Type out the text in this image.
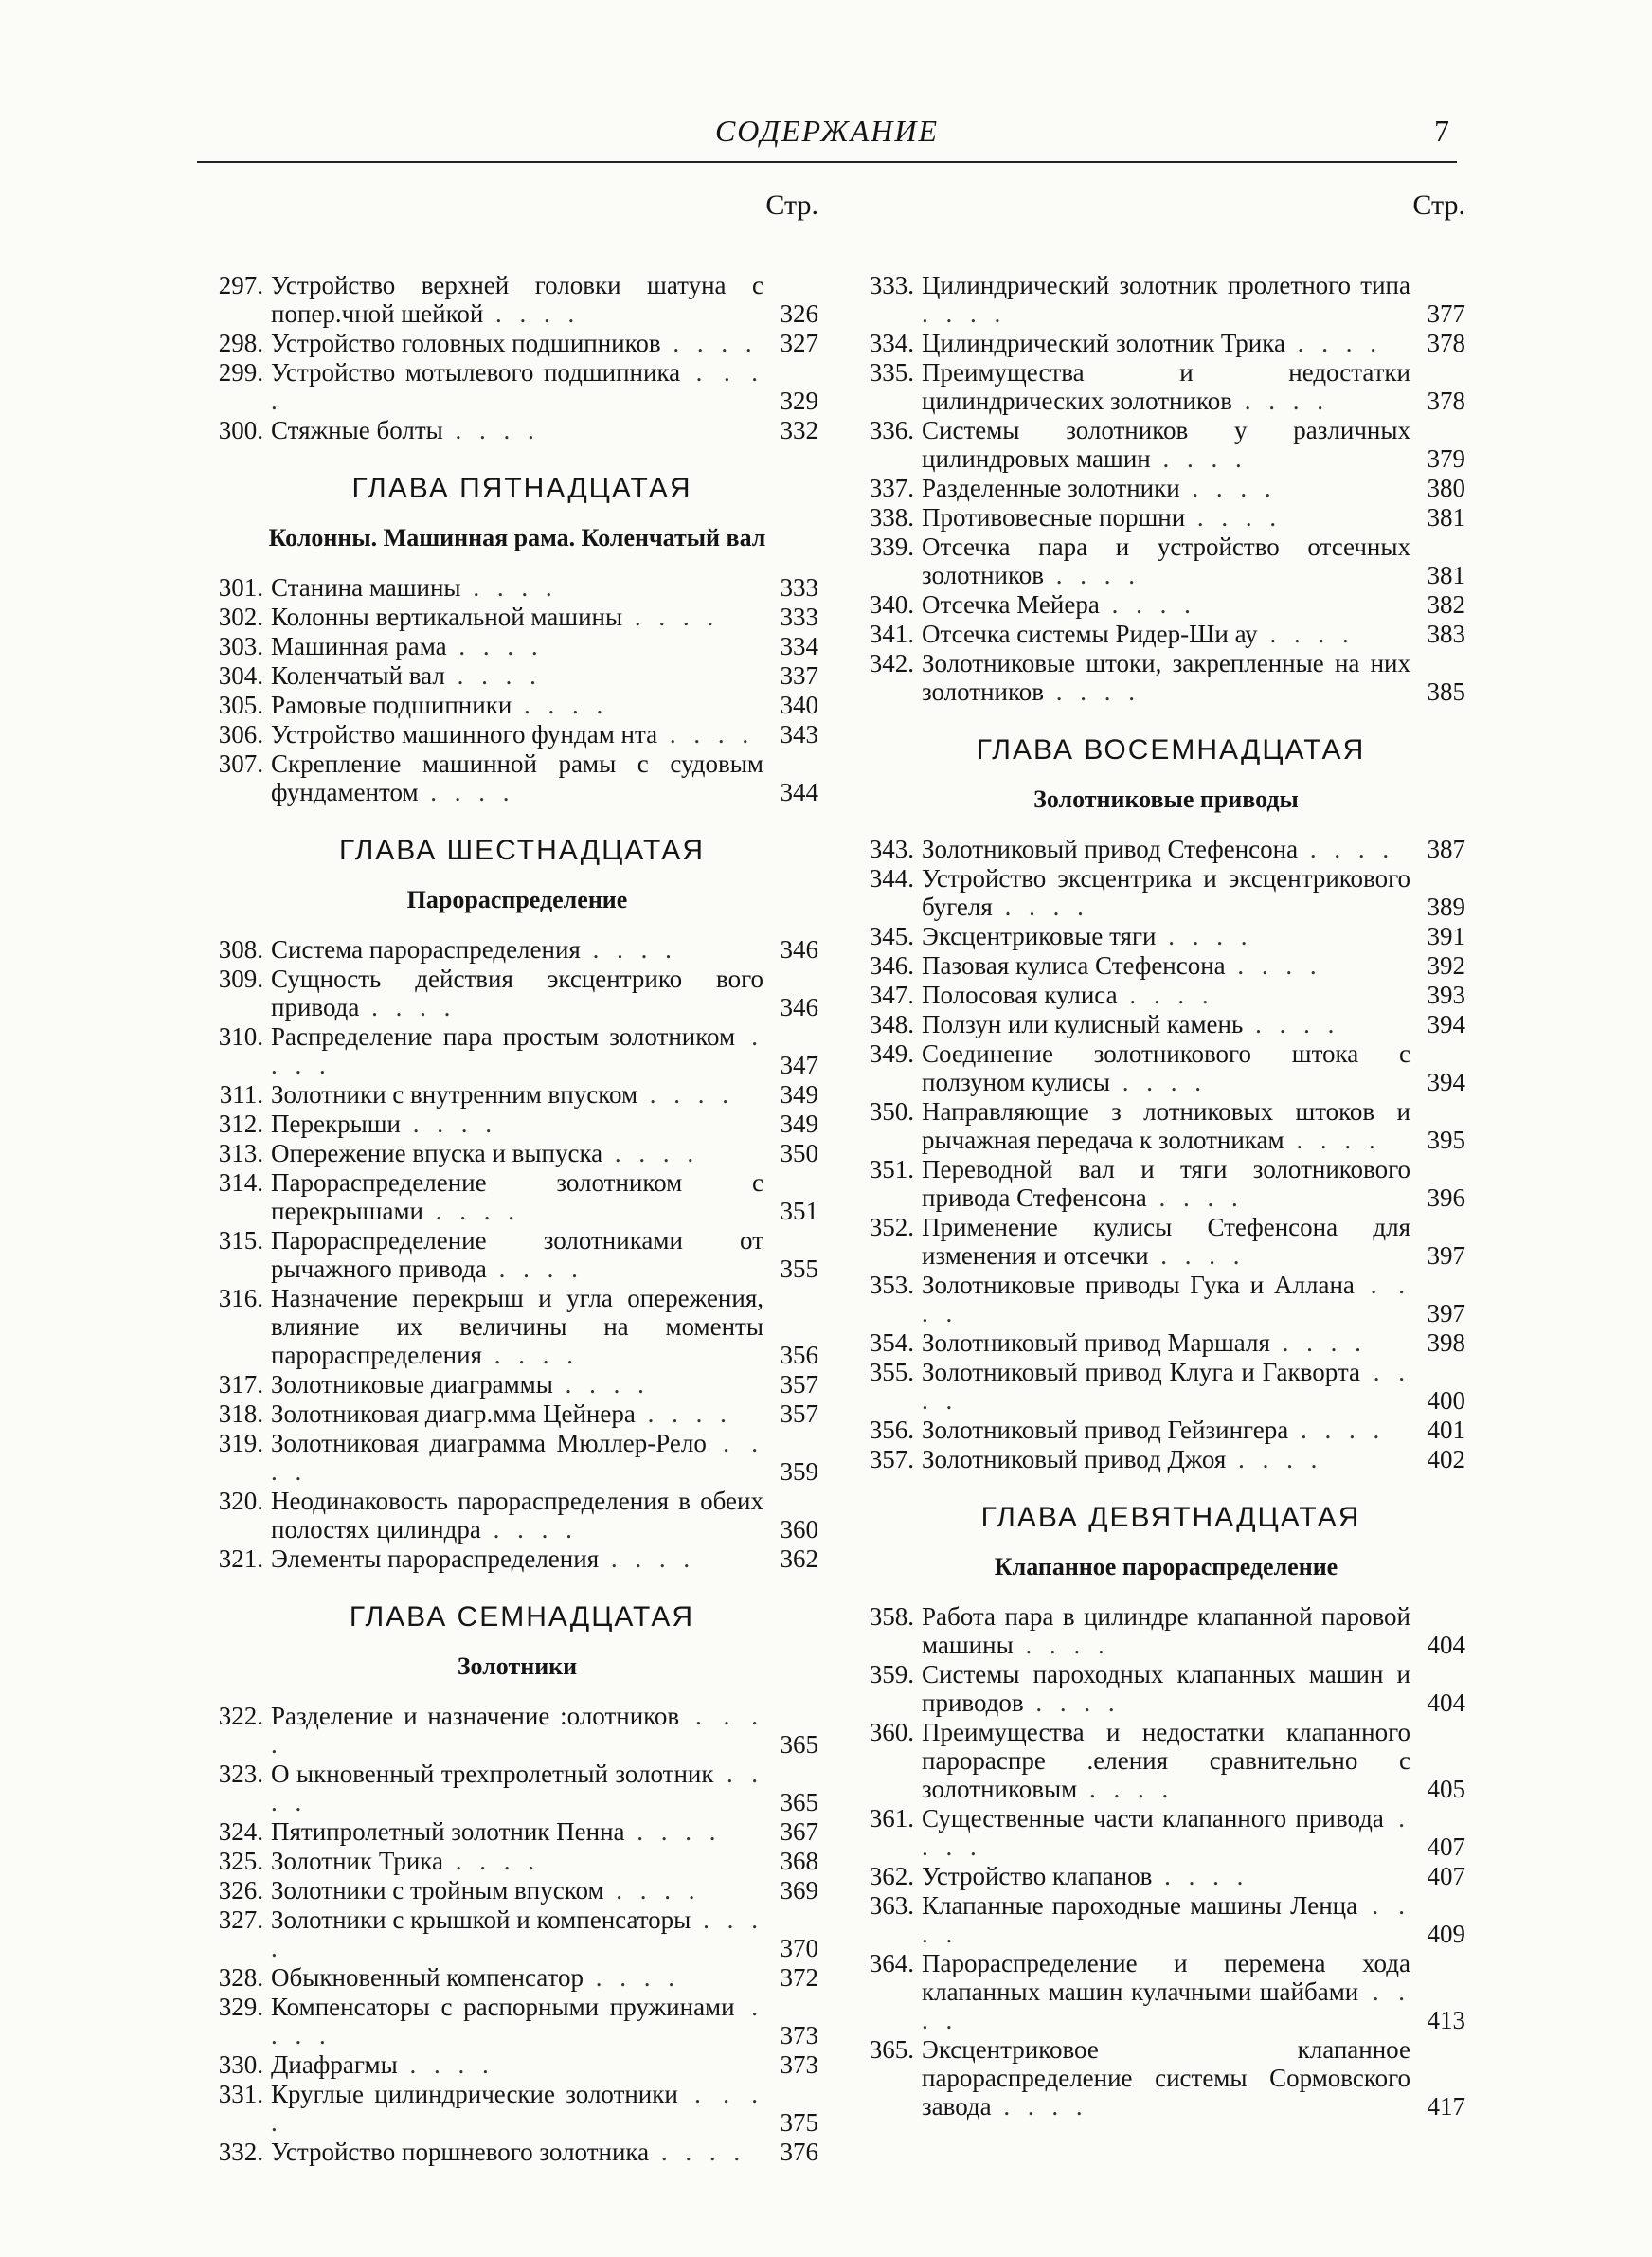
СОДЕРЖАНИЕ	7
Стр.
297. Устройство верхней головки шатуна с попер.чной шейкой . . . .	326
298. Устройство головных подшипников . . . . 327
299. Устройство мотылевого подшипника . . . .	329
300. Стяжные болты . . . .	332
ГЛАВА ПЯТНАДЦАТАЯ
Колонны. Машинная рама. Коленчатый вал
301. Станина машины . . . .	333
302. Колонны вертикальной машины . . . .	333
303. Машинная рама . . . .	334
304. Коленчатый вал . . . .	337
305. Рамовые подшипники . . . .	340
306. Устройство машинного фундам нта . . . .	343
307. Скрепление машинной рамы с судовым фундаментом . . . .	344
ГЛАВА ШЕСТНАДЦАТАЯ
Парораспределение
308. Система парораспределения . . . .	346
309. Сущность действия эксцентрико вого привода . . . .	346
310. Распределение пара простым золотником . . . .	347
311. Золотники с внутренним впуском . . . .	349
312. Перекрыши . . . .	349
313. Опережение впуска и выпуска . . . .	350
314. Парораспределение золотником с перекрышами . . . .	351
315. Парораспределение золотниками от рычажного привода . . . .	355
316. Назначение перекрыш и угла опережения, влияние их величины на моменты парораспределения . . . .	356
317. Золотниковые диаграммы . . . .	357
318. Золотниковая диагр.мма Цейнера . . . .	357
319. Золотниковая диаграмма Мюллер-Рело . . . .	359
320. Неодинаковость парораспределения в обеих полостях цилиндра . . . .	360
321. Элементы парораспределения . . . .	362
ГЛАВА СЕМНАДЦАТАЯ
Золотники
322. Разделение и назначение :олотников . . . .	365
323. О ыкновенный трехпролетный золотник . . . .	365
324. Пятипролетный золотник Пенна . . . .	367
325. Золотник Трика . . . .	368
326. Золотники с тройным впуском . . . .	369
327. Золотники с крышкой и компенсаторы . . . .	370
328. Обыкновенный компенсатор . . . .	372
329. Компенсаторы с распорными пружинами . . . .	373
330. Диафрагмы . . . .	373
331. Круглые цилиндрические золотники . . . .	375
332. Устройство поршневого золотника . . . .	376
Стр.
333. Цилиндрический золотник пролетного типа . . . .	377
334. Цилиндрический золотник Трика . . . .	378
335. Преимущества и недостатки цилиндрических золотников . . . .	378
336. Системы золотников у различных цилиндровых машин . . . .	379
337. Разделенные золотники . . . .	380
338. Противовесные поршни . . . .	381
339. Отсечка пара и устройство отсечных золотников . . . .	381
340. Отсечка Мейера . . . .	382
341. Отсечка системы Ридер-Ши ау . . . .	383
342. Золотниковые штоки, закрепленные на них золотников . . . .	385
ГЛАВА ВОСЕМНАДЦАТАЯ
Золотниковые приводы
343. Золотниковый привод Стефенсона . . . .	387
344. Устройство эксцентрика и эксцентрикового бугеля . . . .	389
345. Эксцентриковые тяги . . . .	391
346. Пазовая кулиса Стефенсона . . . .	392
347. Полосовая кулиса . . . .	393
348. Ползун или кулисный камень . . . .	394
349. Соединение золотникового штока с ползуном кулисы . . . .	394
350. Направляющие з лотниковых штоков и рычажная передача к золотникам . . . .	395
351. Переводной вал и тяги золотникового привода Стефенсона . . . .	396
352. Применение кулисы Стефенсона для изменения и отсечки . . . .	397
353. Золотниковые приводы Гука и Аллана . . . .	397
354. Золотниковый привод Маршаля . . . .	398
355. Золотниковый привод Клуга и Гакворта . . . .	400
356. Золотниковый привод Гейзингера . . . .	401
357. Золотниковый привод Джоя . . . .	402
ГЛАВА ДЕВЯТНАДЦАТАЯ
Клапанное парораспределение
358. Работа пара в цилиндре клапанной паровой машины . . . .	404
359. Системы пароходных клапанных машин и приводов . . . .	404
360. Преимущества и недостатки клапанного парораспре .еления сравнительно с золотниковым . . . .	405
361. Существенные части клапанного привода . . . .	407
362. Устройство клапанов . . . .	407
363. Клапанные пароходные машины Ленца . . . .	409
364. Парораспределение и перемена хода клапанных машин кулачными шайбами . . . .	413
365. Эксцентриковое клапанное парораспределение системы Сормовского завода . . . .	417
